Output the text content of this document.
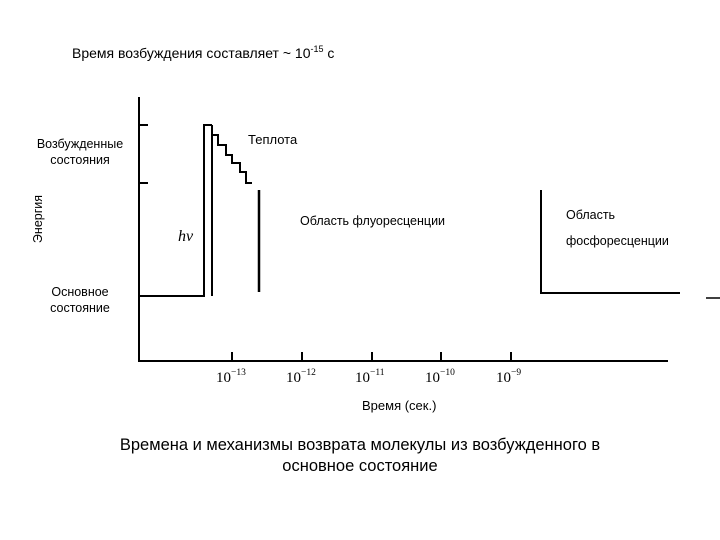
Время возбуждения составляет ~ $10^{-15}$ с
Возбужденные состояния
Энергия
Основное состояние
Теплота
hν
Область флуоресценции	Область
фосфоресценции
$10^{-13}$	$10^{-12}$	$10^{-11}$	$10^{-10}$	$10^{-9}$
Время (сек.)
Времена и механизмы возврата молекулы из возбужденного в основное состояние
